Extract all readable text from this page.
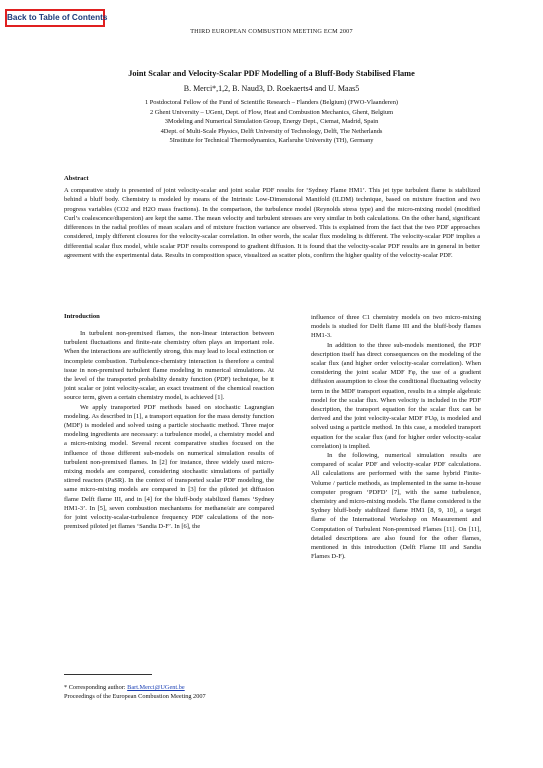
Back to Table of Contents
THIRD EUROPEAN COMBUSTION MEETING ECM 2007
Joint Scalar and Velocity-Scalar PDF Modelling of a Bluff-Body Stabilised Flame
B. Merci*,1,2, B. Naud3, D. Roekaerts4 and U. Maas5
1 Postdoctoral Fellow of the Fund of Scientific Research – Flanders (Belgium) (FWO-Vlaanderen)
2 Ghent University – UGent, Dept. of Flow, Heat and Combustion Mechanics, Ghent, Belgium
3Modeling and Numerical Simulation Group, Energy Dept., Ciemat, Madrid, Spain
4Dept. of Multi-Scale Physics, Delft University of Technology, Delft, The Netherlands
5Institute for Technical Thermodynamics, Karlsruhe University (TH), Germany
Abstract

A comparative study is presented of joint velocity-scalar and joint scalar PDF results for ‘Sydney Flame HM1’. This jet type turbulent flame is stabilized behind a bluff body. Chemistry is modeled by means of the Intrinsic Low-Dimensional Manifold (ILDM) technique, based on mixture fraction and two progress variables (CO2 and H2O mass fractions). In the comparison, the turbulence model (Reynolds stress type) and the micro-mixing model (modified Curl’s coalescence/dispersion) are kept the same. The mean velocity and turbulent stresses are very similar in both calculations. On the other hand, significant differences in the radial profiles of mean scalars and of mixture fraction variance are observed. This is explained from the fact that the two PDF approaches considered, imply different closures for the velocity-scalar correlation. In other words, the scalar flux modeling is different. The velocity-scalar PDF implies a differential scalar flux model, while scalar PDF results correspond to gradient diffusion. It is found that the velocity-scalar PDF results are in general in better agreement with the experimental data. Results in composition space, visualized as scatter plots, confirm the higher quality of the velocity-scalar PDF.

Introduction

In turbulent non-premixed flames, the non-linear interaction between turbulent fluctuations and finite-rate chemistry often plays an important role. When the interactions are sufficiently strong, this may lead to local extinction or incomplete combustion. Turbulence-chemistry interaction is therefore a central issue in non-premixed turbulent flame modeling in numerical simulations. At the level of the transported probability density function (PDF) technique, be it joint scalar or joint velocity-scalar, an exact treatment of the chemical reaction source term, given a certain chemistry model, is achieved [1].

We apply transported PDF methods based on stochastic Lagrangian modeling. As described in [1], a transport equation for the mass density function (MDF) is modeled and solved using a particle stochastic method. Three major modeling ingredients are necessary: a turbulence model, a chemistry model and a micro-mixing model. Several recent comparative studies focused on the influence of those different sub-models on numerical simulation results of turbulent non-premixed flames. In [2] for instance, three widely used micro-mixing models are compared, considering stochastic simulations of partially stirred reactors (PaSR). In the context of transported scalar PDF modeling, the same micro-mixing models are compared in [3] for the piloted jet diffusion flame Delft flame III, and in [4] for the bluff-body stabilized flames ‘Sydney HM1-3’. In [5], seven combustion mechanisms for methane/air are compared for joint velocity-scalar-turbulence frequency PDF calculations of the non-premixed piloted jet flames ‘Sandia D-F’. In [6], the

influence of three C1 chemistry models on two micro-mixing models is studied for Delft flame III and the bluff-body flames HM1-3.

In addition to the three sub-models mentioned, the PDF description itself has direct consequences on the modeling of the scalar flux (and higher order velocity-scalar correlation). When considering the joint scalar MDF Fφ, the use of a gradient diffusion assumption to close the conditional fluctuating velocity term in the MDF transport equation, results in a simple algebraic model for the scalar flux. When velocity is included in the PDF description, the transport equation for the scalar flux can be derived and the joint velocity-scalar MDF FUφ, is modeled and solved using a particle method. In this case, a modeled transport equation for the scalar flux (and for higher order velocity-scalar correlation) is implied.

In the following, numerical simulation results are compared of scalar PDF and velocity-scalar PDF calculations. All calculations are performed with the same hybrid Finite-Volume / particle methods, as implemented in the same in-house computer program ‘PDFD’ [7], with the same turbulence, chemistry and micro-mixing models. The flame considered is the Sydney bluff-body stabilized flame HM1 [8, 9, 10], a target flame of the International Workshop on Measurement and Computation of Turbulent Non-premixed Flames [11]. On [11], detailed descriptions are also found for the other flames, mentioned in this introduction (Delft Flame III and Sandia Flames D-F).

* Corresponding author: Bart.Merci@UGent.be
Proceedings of the European Combustion Meeting 2007
